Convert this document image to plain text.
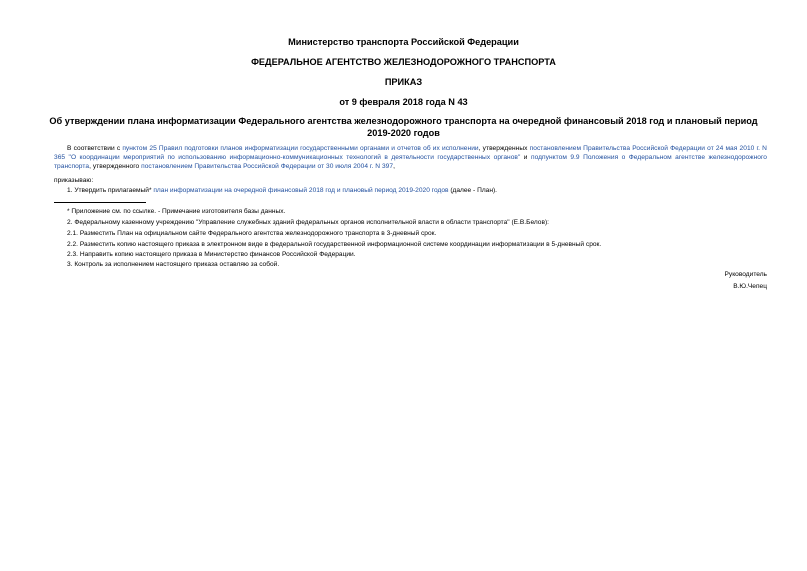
Министерство транспорта Российской Федерации
ФЕДЕРАЛЬНОЕ АГЕНТСТВО ЖЕЛЕЗНОДОРОЖНОГО ТРАНСПОРТА
ПРИКАЗ
от 9 февраля 2018 года N 43
Об утверждении плана информатизации Федерального агентства железнодорожного транспорта на очередной финансовый 2018 год и плановый период 2019-2020 годов
В соответствии с пунктом 25 Правил подготовки планов информатизации государственными органами и отчетов об их исполнении, утвержденных постановлением Правительства Российской Федерации от 24 мая 2010 г. N 365 "О координации мероприятий по использованию информационно-коммуникационных технологий в деятельности государственных органов" и подпунктом 9.9 Положения о Федеральном агентстве железнодорожного транспорта, утвержденного постановлением Правительства Российской Федерации от 30 июля 2004 г. N 397,
приказываю:
1. Утвердить прилагаемый* план информатизации на очередной финансовый 2018 год и плановый период 2019-2020 годов (далее - План).
* Приложение см. по ссылке. - Примечание изготовителя базы данных.
2. Федеральному казенному учреждению "Управление служебных зданий федеральных органов исполнительной власти в области транспорта" (Е.В.Белов):
2.1. Разместить План на официальном сайте Федерального агентства железнодорожного транспорта в 3-дневный срок.
2.2. Разместить копию настоящего приказа в электронном виде в федеральной государственной информационной системе координации информатизации в 5-дневный срок.
2.3. Направить копию настоящего приказа в Министерство финансов Российской Федерации.
3. Контроль за исполнением настоящего приказа оставляю за собой.
Руководитель
В.Ю.Чепец
